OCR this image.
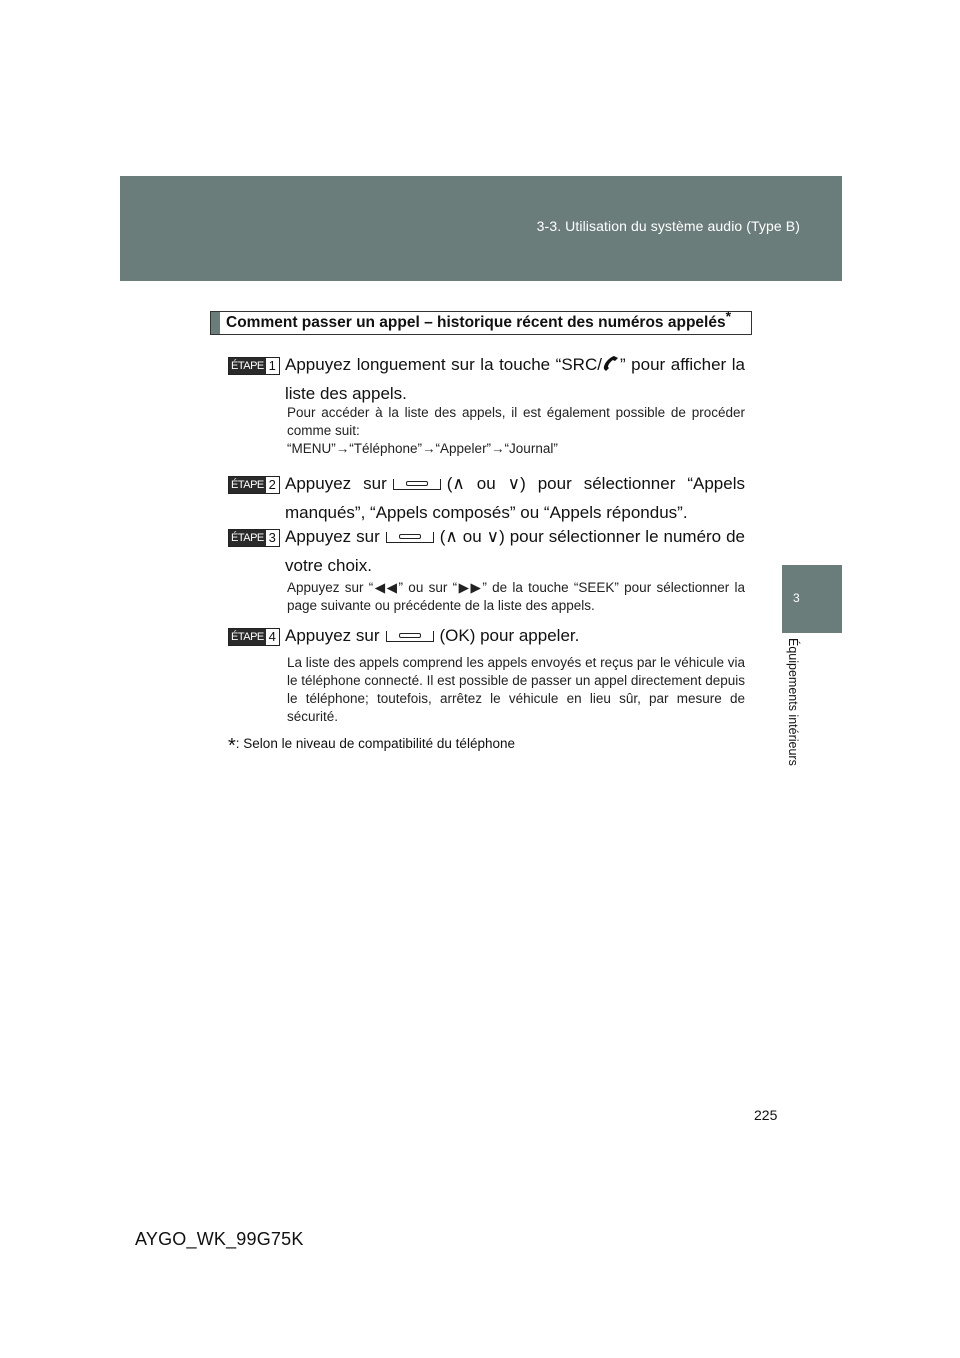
3-3. Utilisation du système audio (Type B)
3
Équipements intérieurs
Comment passer un appel – historique récent des numéros appelés*
ÉTAPE 1 Appuyez longuement sur la touche “SRC/ ” pour afficher la liste des appels.
Pour accéder à la liste des appels, il est également possible de procéder comme suit:
“MENU”→“Téléphone”→“Appeler”→“Journal”
ÉTAPE 2 Appuyez sur	(∧ ou ∨) pour sélectionner “Appels manqués”, “Appels composés” ou “Appels répondus”.
ÉTAPE 3 Appuyez sur	(∧ ou ∨) pour sélectionner le numéro de votre choix.
Appuyez sur “◀◀” ou sur “▶▶” de la touche “SEEK” pour sélectionner la page suivante ou précédente de la liste des appels.
ÉTAPE 4 Appuyez sur	(OK) pour appeler.
La liste des appels comprend les appels envoyés et reçus par le véhicule via le téléphone connecté. Il est possible de passer un appel directement depuis le téléphone; toutefois, arrêtez le véhicule en lieu sûr, par mesure de sécurité.
*: Selon le niveau de compatibilité du téléphone
225
AYGO_WK_99G75K
